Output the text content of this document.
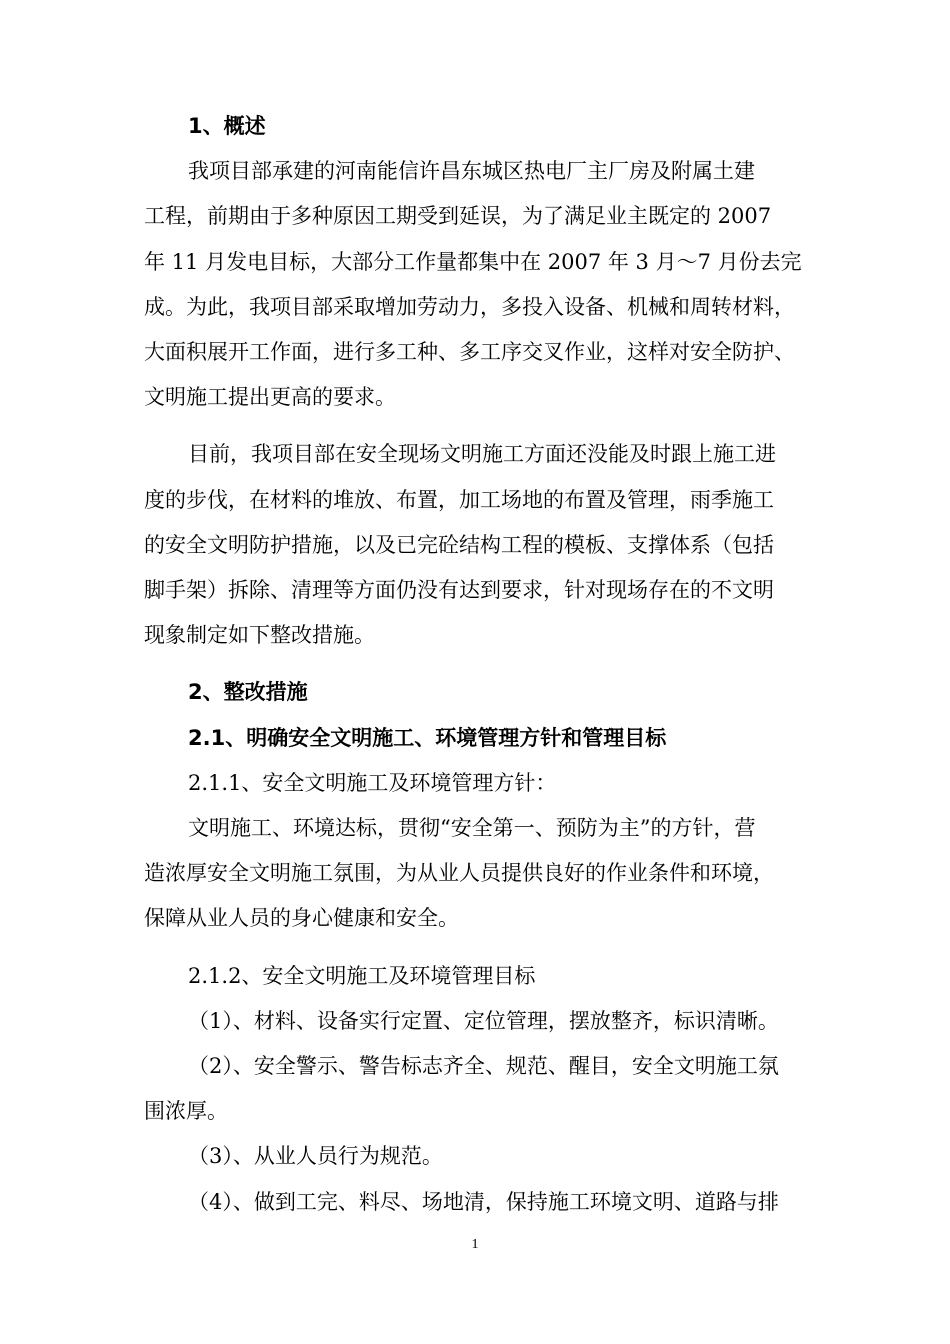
1、概述
我项目部承建的河南能信许昌东城区热电厂主厂房及附属土建
工程，前期由于多种原因工期受到延误，为了满足业主既定的 2007
年 11 月发电目标，大部分工作量都集中在 2007 年 3 月～7 月份去完
成。为此，我项目部采取增加劳动力，多投入设备、机械和周转材料，
大面积展开工作面，进行多工种、多工序交叉作业，这样对安全防护、
文明施工提出更高的要求。
目前，我项目部在安全现场文明施工方面还没能及时跟上施工进
度的步伐，在材料的堆放、布置，加工场地的布置及管理，雨季施工
的安全文明防护措施，以及已完砼结构工程的模板、支撑体系（包括
脚手架）拆除、清理等方面仍没有达到要求，针对现场存在的不文明
现象制定如下整改措施。
2、整改措施
2.1、明确安全文明施工、环境管理方针和管理目标
2.1.1、安全文明施工及环境管理方针：
文明施工、环境达标，贯彻“安全第一、预防为主”的方针，营
造浓厚安全文明施工氛围，为从业人员提供良好的作业条件和环境，
保障从业人员的身心健康和安全。
2.1.2、安全文明施工及环境管理目标
（1）、材料、设备实行定置、定位管理，摆放整齐，标识清晰。
（2）、安全警示、警告标志齐全、规范、醒目，安全文明施工氛
围浓厚。
（3）、从业人员行为规范。
（4）、做到工完、料尽、场地清，保持施工环境文明、道路与排
1
